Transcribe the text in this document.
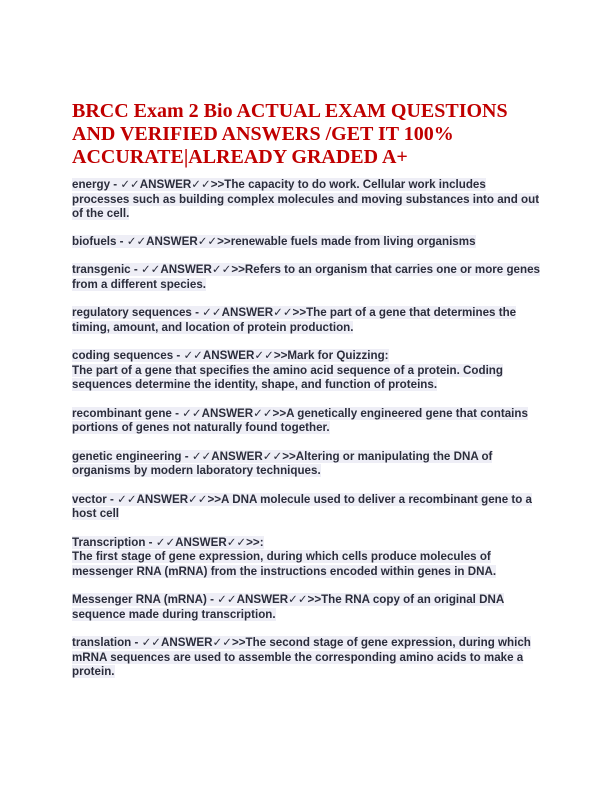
BRCC Exam 2 Bio ACTUAL EXAM QUESTIONS AND VERIFIED ANSWERS /GET IT 100% ACCURATE|ALREADY GRADED A+

energy - ✓✓ANSWER✓✓>>The capacity to do work. Cellular work includes processes such as building complex molecules and moving substances into and out of the cell.

biofuels - ✓✓ANSWER✓✓>>renewable fuels made from living organisms

transgenic - ✓✓ANSWER✓✓>>Refers to an organism that carries one or more genes from a different species.

regulatory sequences - ✓✓ANSWER✓✓>>The part of a gene that determines the timing, amount, and location of protein production.

coding sequences - ✓✓ANSWER✓✓>>Mark for Quizzing:
The part of a gene that specifies the amino acid sequence of a protein. Coding sequences determine the identity, shape, and function of proteins.

recombinant gene - ✓✓ANSWER✓✓>>A genetically engineered gene that contains portions of genes not naturally found together.

genetic engineering - ✓✓ANSWER✓✓>>Altering or manipulating the DNA of organisms by modern laboratory techniques.

vector - ✓✓ANSWER✓✓>>A DNA molecule used to deliver a recombinant gene to a host cell

Transcription - ✓✓ANSWER✓✓>>:
The first stage of gene expression, during which cells produce molecules of messenger RNA (mRNA) from the instructions encoded within genes in DNA.

Messenger RNA (mRNA) - ✓✓ANSWER✓✓>>The RNA copy of an original DNA sequence made during transcription.

translation - ✓✓ANSWER✓✓>>The second stage of gene expression, during which mRNA sequences are used to assemble the corresponding amino acids to make a protein.
